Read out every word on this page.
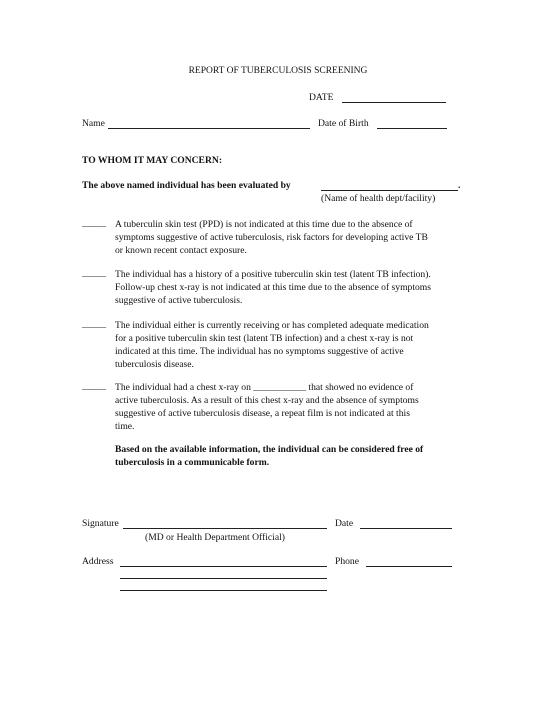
REPORT OF TUBERCULOSIS SCREENING
DATE
Name	Date of Birth
TO WHOM IT MAY CONCERN:
The above named individual has been evaluated by	.
(Name of health dept/facility)
_____ A tuberculin skin test (PPD) is not indicated at this time due to the absence of
symptoms suggestive of active tuberculosis, risk factors for developing active TB
or known recent contact exposure.
_____ The individual has a history of a positive tuberculin skin test (latent TB infection).
Follow-up chest x-ray is not indicated at this time due to the absence of symptoms
suggestive of active tuberculosis.
_____ The individual either is currently receiving or has completed adequate medication
for a positive tuberculin skin test (latent TB infection) and a chest x-ray is not
indicated at this time. The individual has no symptoms suggestive of active
tuberculosis disease.
_____ The individual had a chest x-ray on ___________ that showed no evidence of
active tuberculosis. As a result of this chest x-ray and the absence of symptoms
suggestive of active tuberculosis disease, a repeat film is not indicated at this
time.
Based on the available information, the individual can be considered free of
tuberculosis in a communicable form.
Signature	Date
(MD or Health Department Official)
Address	Phone
